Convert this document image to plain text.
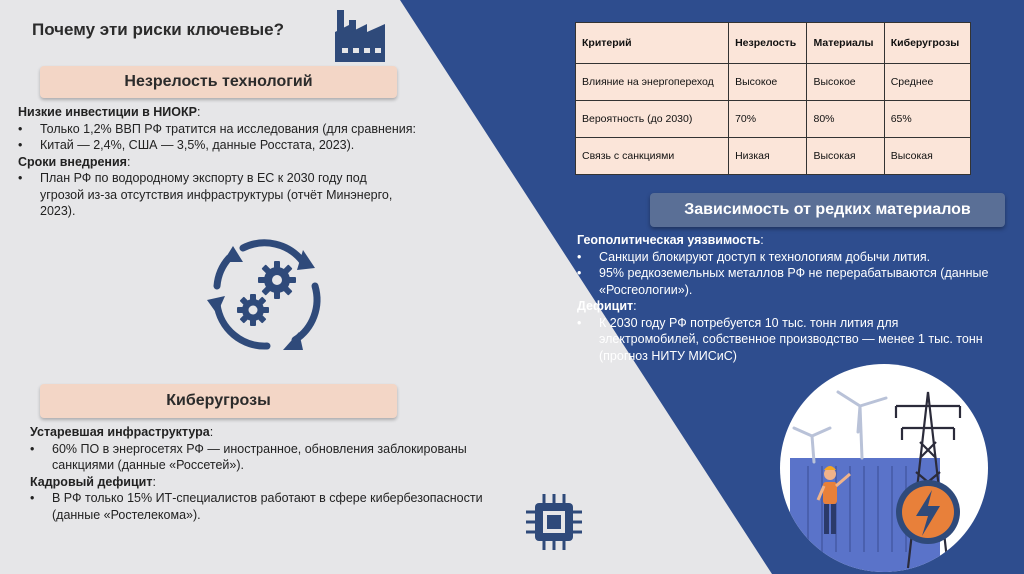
Почему эти риски ключевые?
Незрелость технологий
Низкие инвестиции в НИОКР:
•	Только 1,2% ВВП РФ тратится на исследования (для сравнения:
•	Китай — 2,4%, США — 3,5%, данные Росстата, 2023).
Сроки внедрения:
•	План РФ по водородному экспорту в ЕС к 2030 году под угрозой из-за отсутствия инфраструктуры (отчёт Минэнерго, 2023).
Киберугрозы
Устаревшая инфраструктура:
•	60% ПО в энергосетях РФ — иностранное, обновления заблокированы санкциями (данные «Россетей»).
Кадровый дефицит:
•	В РФ только 15% ИТ-специалистов работают в сфере кибербезопасности (данные «Ростелекома»).
Критерий	Незрелость	Материалы	Киберугрозы
Влияние на энергопереход	Высокое	Высокое	Среднее
Вероятность (до 2030)	70%	80%	65%
Связь с санкциями	Низкая	Высокая	Высокая
Зависимость от редких материалов
Геополитическая уязвимость:
•	Санкции блокируют доступ к технологиям добычи лития.
•	95% редкоземельных металлов РФ не перерабатываются (данные «Росгеологии»).
Дефицит:
•	К 2030 году РФ потребуется 10 тыс. тонн лития для электромобилей, собственное производство — менее 1 тыс. тонн (прогноз НИТУ МИСиС)
